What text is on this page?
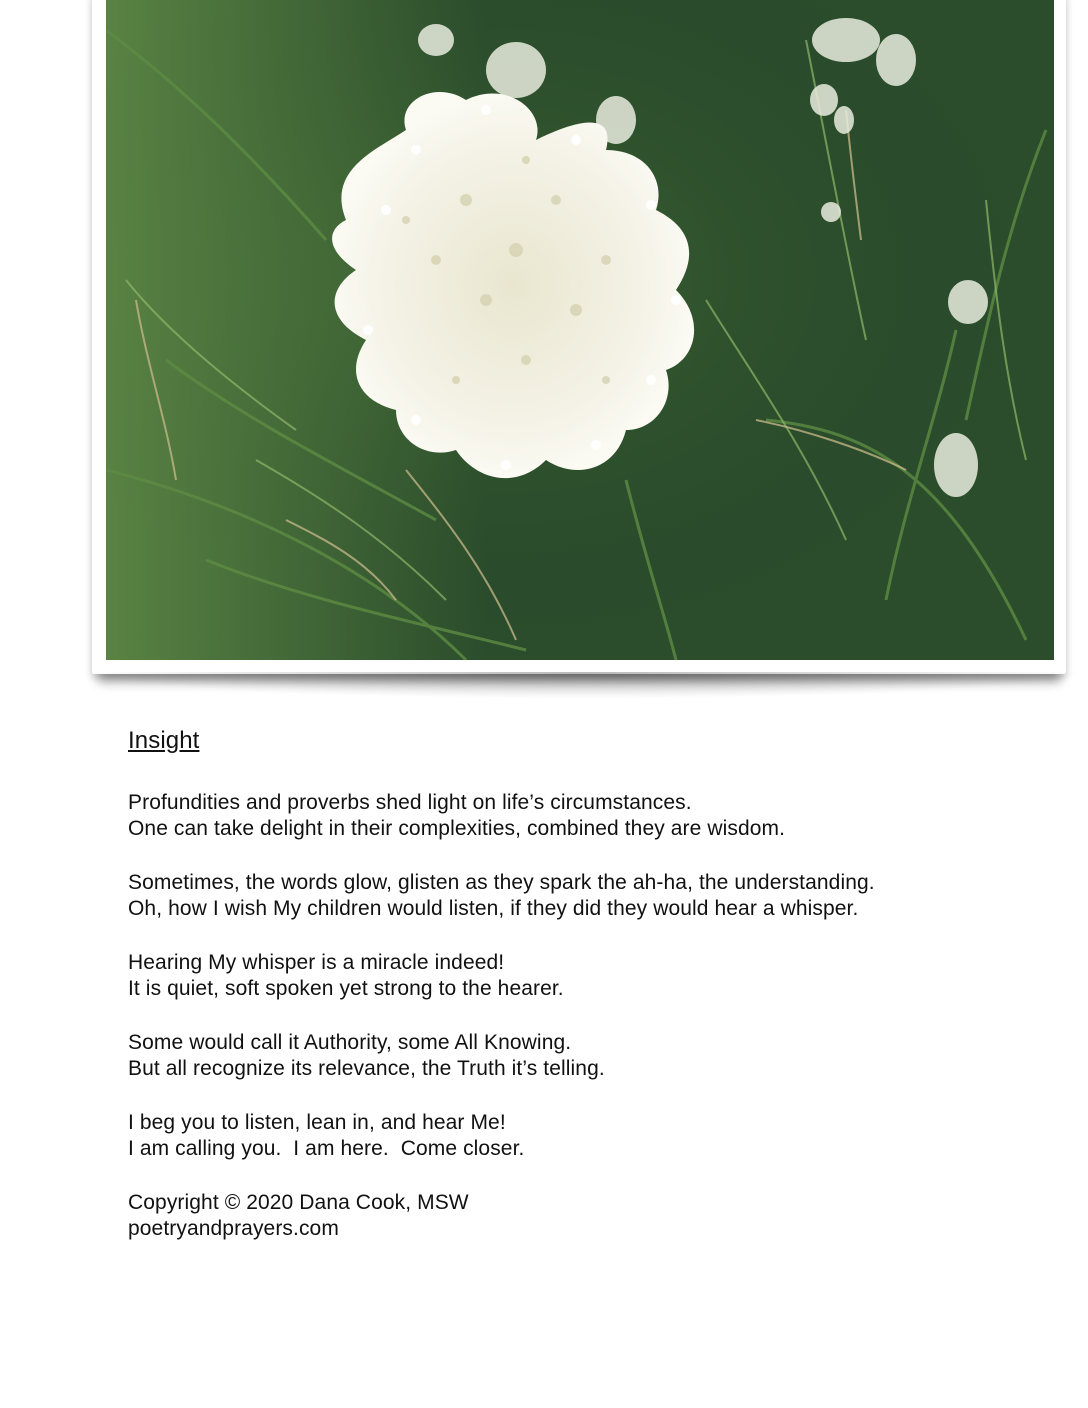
Insight
Profundities and proverbs shed light on life’s circumstances.
One can take delight in their complexities, combined they are wisdom.
Sometimes, the words glow, glisten as they spark the ah-ha, the understanding.
Oh, how I wish My children would listen, if they did they would hear a whisper.
Hearing My whisper is a miracle indeed!
It is quiet, soft spoken yet strong to the hearer.
Some would call it Authority, some All Knowing.
But all recognize its relevance, the Truth it’s telling.
I beg you to listen, lean in, and hear Me!
I am calling you.  I am here.  Come closer.
Copyright © 2020 Dana Cook, MSW
poetryandprayers.com
